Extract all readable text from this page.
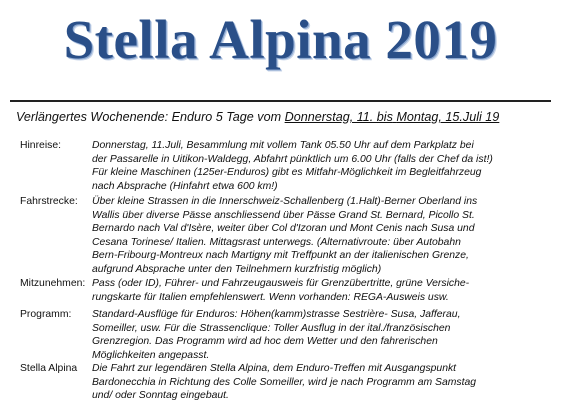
Stella Alpina 2019
Verlängertes Wochenende: Enduro 5 Tage vom Donnerstag, 11. bis Montag, 15.Juli 19
Hinreise:	Donnerstag, 11.Juli, Besammlung mit vollem Tank 05.50 Uhr auf dem Parkplatz bei
der Passarelle in Uitikon-Waldegg, Abfahrt pünktlich um 6.00 Uhr (falls der Chef da ist!)
Für kleine Maschinen (125er-Enduros) gibt es Mitfahr-Möglichkeit im Begleitfahrzeug
nach Absprache (Hinfahrt etwa 600 km!)
Fahrstrecke:	Über kleine Strassen in die Innerschweiz-Schallenberg (1.Halt)-Berner Oberland ins
Wallis über diverse Pässe anschliessend über Pässe Grand St. Bernard, Picollo St.
Bernardo nach Val d'Isère, weiter über Col d'Izoran und Mont Cenis nach Susa und
Cesana Torinese/ Italien. Mittagsrast unterwegs. (Alternativroute: über Autobahn
Bern-Fribourg-Montreux nach Martigny mit Treffpunkt an der italienischen Grenze,
aufgrund Absprache unter den Teilnehmern kurzfristig möglich)
Mitzunehmen: Pass (oder ID), Führer- und Fahrzeugausweis für Grenzübertritte, grüne Versiche-
rungskarte für Italien empfehlenswert. Wenn vorhanden: REGA-Ausweis usw.
Programm:	Standard-Ausflüge für Enduros: Höhen(kamm)strasse Sestrière- Susa, Jafferau,
Someiller, usw. Für die Strassenclique: Toller Ausflug in der ital./französischen
Grenzregion. Das Programm wird ad hoc dem Wetter und den fahrerischen
Möglichkeiten angepasst.
Stella Alpina	Die Fahrt zur legendären Stella Alpina, dem Enduro-Treffen mit Ausgangspunkt
Bardonecchia in Richtung des Colle Someiller, wird je nach Programm am Samstag
und/ oder Sonntag eingebaut.
